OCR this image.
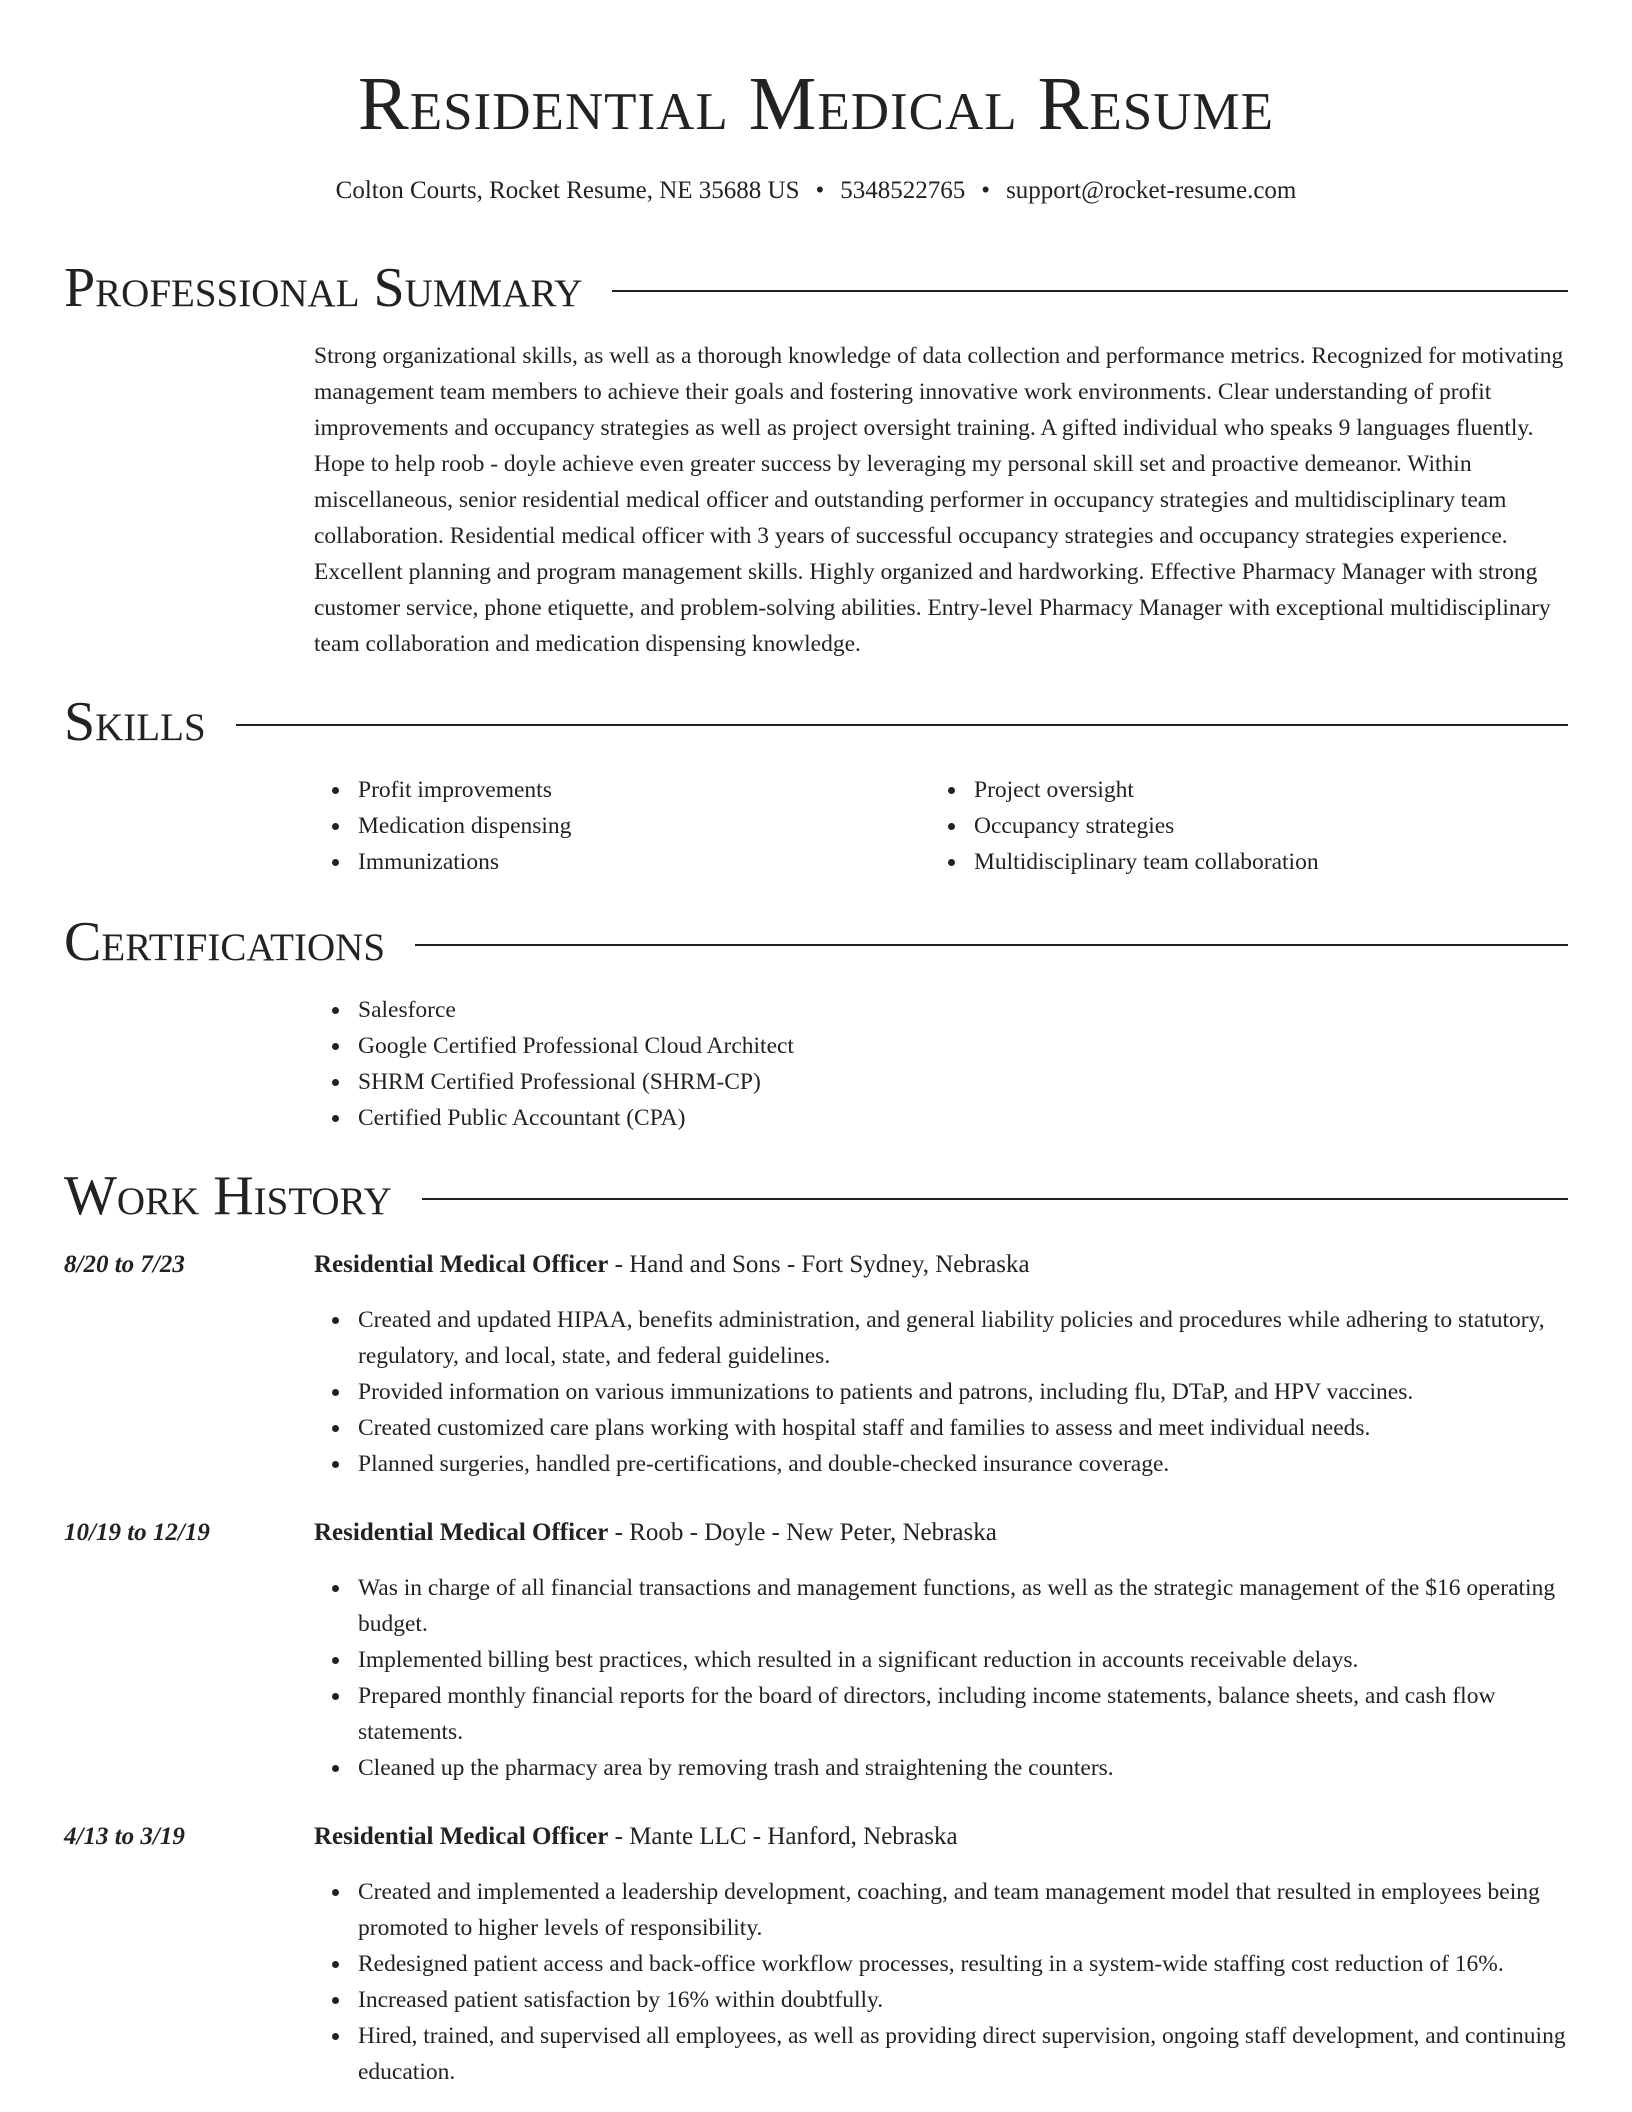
Residential Medical Resume
Colton Courts, Rocket Resume, NE 35688 US • 5348522765 • support@rocket-resume.com
Professional Summary

Strong organizational skills, as well as a thorough knowledge of data collection and performance metrics. Recognized for motivating management team members to achieve their goals and fostering innovative work environments. Clear understanding of profit improvements and occupancy strategies as well as project oversight training. A gifted individual who speaks 9 languages fluently. Hope to help roob - doyle achieve even greater success by leveraging my personal skill set and proactive demeanor. Within miscellaneous, senior residential medical officer and outstanding performer in occupancy strategies and multidisciplinary team collaboration. Residential medical officer with 3 years of successful occupancy strategies and occupancy strategies experience. Excellent planning and program management skills. Highly organized and hardworking. Effective Pharmacy Manager with strong customer service, phone etiquette, and problem-solving abilities. Entry-level Pharmacy Manager with exceptional multidisciplinary team collaboration and medication dispensing knowledge.

Skills
Profit improvements
Medication dispensing
Immunizations
Project oversight
Occupancy strategies
Multidisciplinary team collaboration
Certifications
Salesforce
Google Certified Professional Cloud Architect
SHRM Certified Professional (SHRM-CP)
Certified Public Accountant (CPA)
Work History
8/20 to 7/23	Residential Medical Officer - Hand and Sons - Fort Sydney, Nebraska
Created and updated HIPAA, benefits administration, and general liability policies and procedures while adhering to statutory, regulatory, and local, state, and federal guidelines.
Provided information on various immunizations to patients and patrons, including flu, DTaP, and HPV vaccines.
Created customized care plans working with hospital staff and families to assess and meet individual needs.
Planned surgeries, handled pre-certifications, and double-checked insurance coverage.
10/19 to 12/19	Residential Medical Officer - Roob - Doyle - New Peter, Nebraska
Was in charge of all financial transactions and management functions, as well as the strategic management of the $16 operating budget.
Implemented billing best practices, which resulted in a significant reduction in accounts receivable delays.
Prepared monthly financial reports for the board of directors, including income statements, balance sheets, and cash flow statements.
Cleaned up the pharmacy area by removing trash and straightening the counters.
4/13 to 3/19	Residential Medical Officer - Mante LLC - Hanford, Nebraska
Created and implemented a leadership development, coaching, and team management model that resulted in employees being promoted to higher levels of responsibility.
Redesigned patient access and back-office workflow processes, resulting in a system-wide staffing cost reduction of 16%.
Increased patient satisfaction by 16% within doubtfully.
Hired, trained, and supervised all employees, as well as providing direct supervision, ongoing staff development, and continuing education.
